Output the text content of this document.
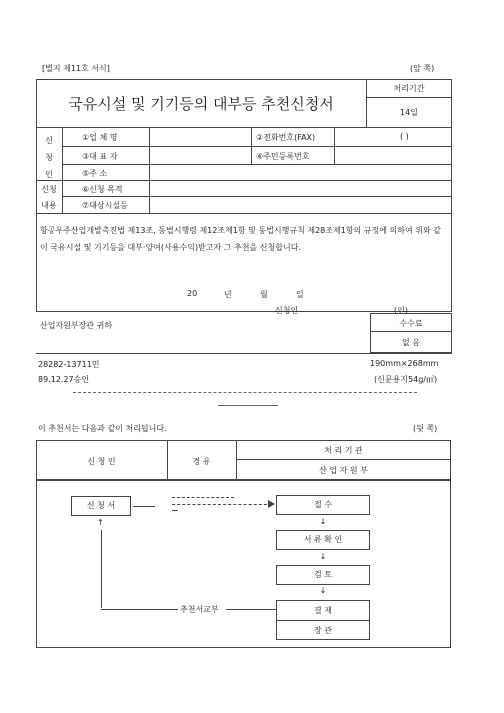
[별지 제11호 서식]	(앞 쪽)
국유시설 및 기기등의 대부등 추천신청서
처리기간
14일
신
청
인
①업 체 명	②전화번호(FAX)	( )
③대 표 자	④주민등록번호
⑤주 소
신청
내용
⑥신청 목적
⑦대상시설등
항공우주산업개발촉진법 제13조, 동법시행령 제12조제1항 및 동법시행규칙 제28조제1항의 규정에 의하여 위와 같이 국유시설 및 기기등을 대부·양여(사용수익)받고자 그 추천을 신청합니다.
20	년	월	일
신청인	(인)
산업자원부장관 귀하	수수료
없 음
28282-13711민
89.12.27승인
190mm×268mm
(신문용지54g/㎡)
이 추천서는 다음과 같이 처리됩니다.	(뒷 쪽)
신 청 인	경 유
처 리 기 관
산 업 자 원 부
신 청 서
↑
접 수
↓
서 류 확 인
↓
검 토
↓
결 재
장 관
추천서교부
